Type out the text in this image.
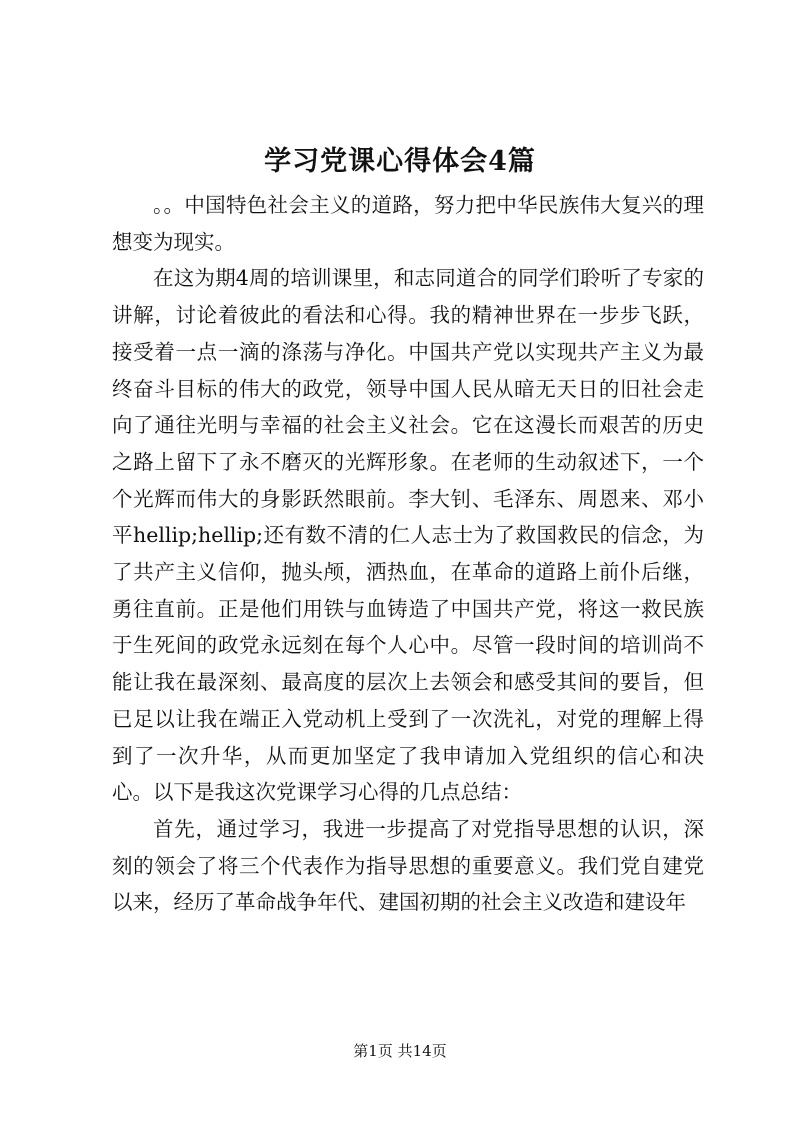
学习党课心得体会4篇

。。中国特色社会主义的道路，努力把中华民族伟大复兴的理想变为现实。

在这为期4周的培训课里，和志同道合的同学们聆听了专家的讲解，讨论着彼此的看法和心得。我的精神世界在一步步飞跃，接受着一点一滴的涤荡与净化。中国共产党以实现共产主义为最终奋斗目标的伟大的政党，领导中国人民从暗无天日的旧社会走向了通往光明与幸福的社会主义社会。它在这漫长而艰苦的历史之路上留下了永不磨灭的光辉形象。在老师的生动叙述下，一个个光辉而伟大的身影跃然眼前。李大钊、毛泽东、周恩来、邓小平hellip;hellip;还有数不清的仁人志士为了救国救民的信念，为了共产主义信仰，抛头颅，洒热血，在革命的道路上前仆后继，勇往直前。正是他们用铁与血铸造了中国共产党，将这一救民族于生死间的政党永远刻在每个人心中。尽管一段时间的培训尚不能让我在最深刻、最高度的层次上去领会和感受其间的要旨，但已足以让我在端正入党动机上受到了一次洗礼，对党的理解上得到了一次升华，从而更加坚定了我申请加入党组织的信心和决心。以下是我这次党课学习心得的几点总结：

首先，通过学习，我进一步提高了对党指导思想的认识，深刻的领会了将三个代表作为指导思想的重要意义。我们党自建党以来，经历了革命战争年代、建国初期的社会主义改造和建设年

第1页 共14页
